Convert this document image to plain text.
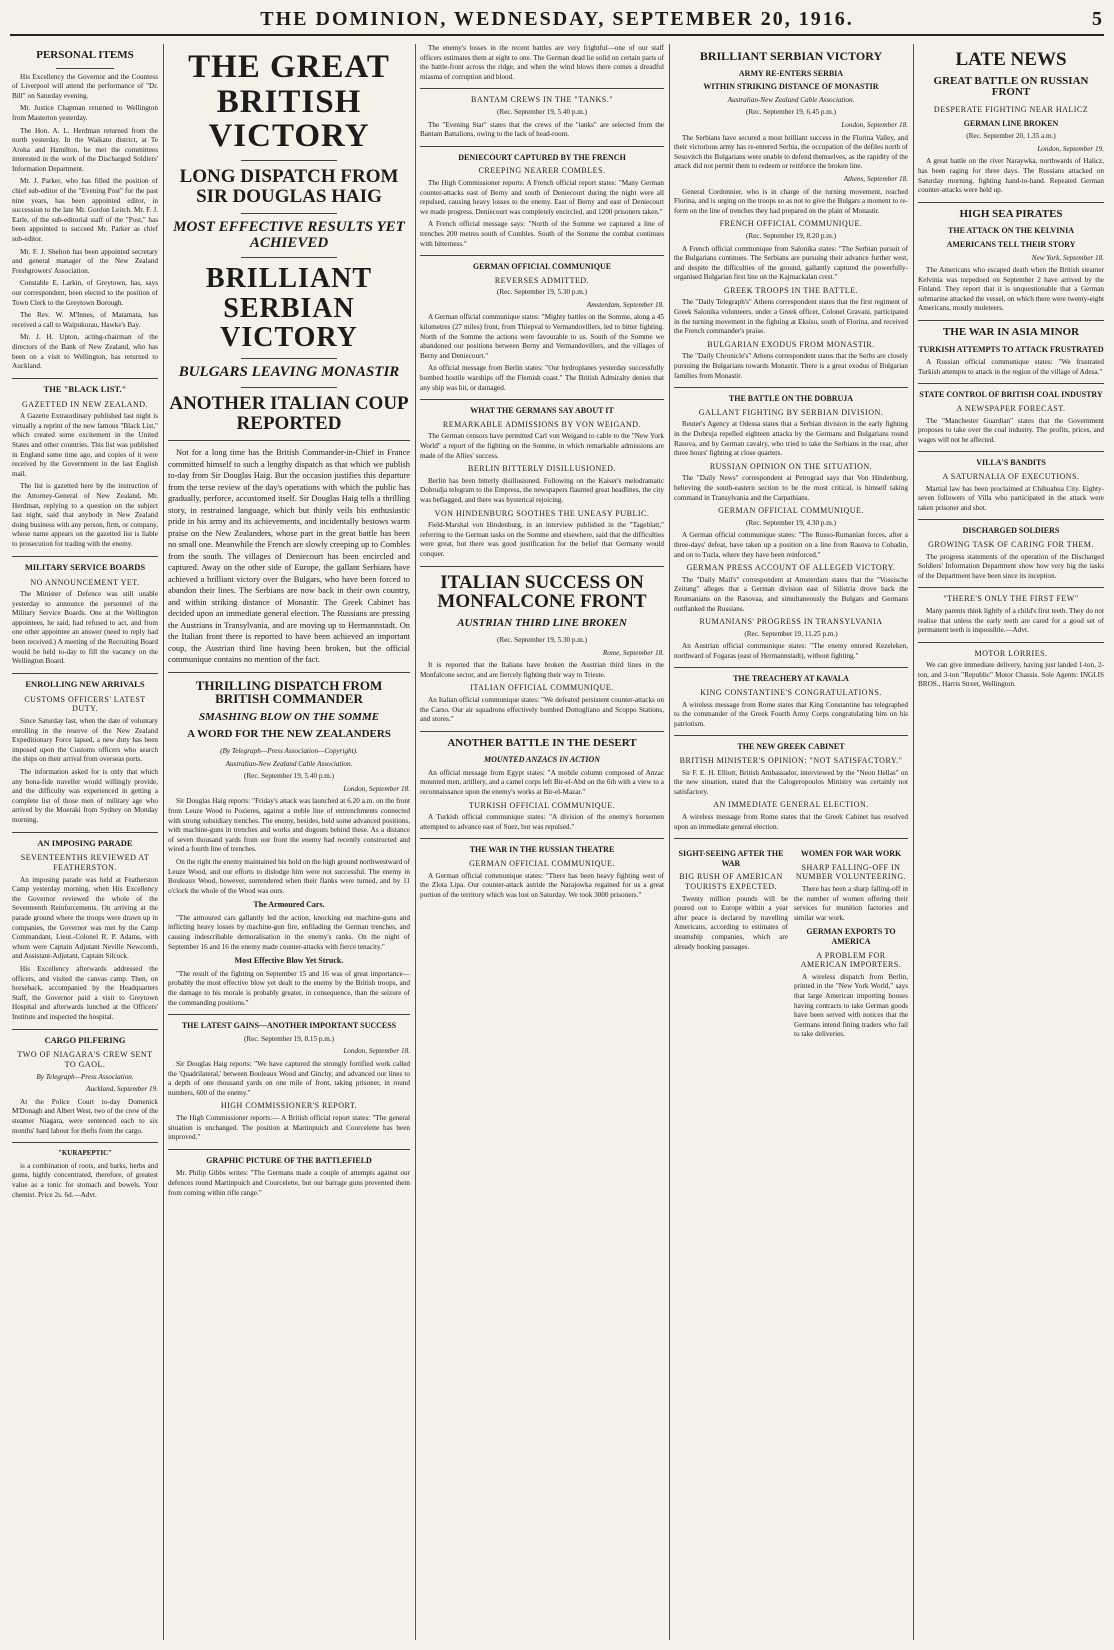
THE DOMINION, WEDNESDAY, SEPTEMBER 20, 1916.	5
PERSONAL ITEMS

His Excellency the Governor and the Countess of Liverpool will attend the performance of "Dr. Bill" on Saturday evening.

Mr. Justice Chapman returned to Wellington from Masterton yesterday.

The Hon. A. L. Herdman returned from the north yesterday. In the Waikato district, at Te Aroha and Hamilton, he met the committees interested in the work of the Discharged Soldiers' Information Department.

Mr. J. Parker, who has filled the position of chief sub-editor of the "Evening Post" for the past nine years, has been appointed editor, in succession to the late Mr. Gordon Leitch. Mr. F. J. Earle, of the sub-editorial staff of the "Post," has been appointed to succeed Mr. Parker as chief sub-editor.

Mr. F. J. Shelton has been appointed secretary and general manager of the New Zealand Freshgrowers' Association.

Constable E. Larkin, of Greytown, has, says our correspondent, been elected to the position of Town Clerk to the Greytown Borough.

The Rev. W. M'Innes, of Matamata, has received a call to Waipukurau, Hawke's Bay.

Mr. J. H. Upton, acting-chairman of the directors of the Bank of New Zealand, who has been on a visit to Wellington, has returned to Auckland.

THE "BLACK LIST."
GAZETTED IN NEW ZEALAND.

A Gazette Extraordinary published last night is virtually a reprint of the new famous "Black List," which created some excitement in the United States and other countries. This list was published in England some time ago, and copies of it were received by the Government in the last English mail.

The list is gazetted here by the instruction of the Attorney-General of New Zealand, Mr. Herdman, replying to a question on the subject last night, said that anybody in New Zealand doing business with any person, firm, or company, whose name appears on the gazetted list is liable to prosecution for trading with the enemy.

MILITARY SERVICE BOARDS
NO ANNOUNCEMENT YET.

The Minister of Defence was still unable yesterday to announce the personnel of the Military Service Boards. One at the Wellington appointees, he said, had refused to act, and from one other appointee an answer (need to reply had been received.) A meeting of the Recruiting Board would be held to-day to fill the vacancy on the Wellington Board.

ENROLLING NEW ARRIVALS
CUSTOMS OFFICERS' LATEST DUTY.

Since Saturday last, when the date of voluntary enrolling in the reserve of the New Zealand Expeditionary Force lapsed, a new duty has been imposed upon the Customs officers who search the ships on their arrival from overseas ports.

The information asked for is only that which any bona-fide traveller would willingly provide, and the difficulty was experienced in getting a complete list of those men of military age who arrived by the Moeraki from Sydney on Monday morning.

AN IMPOSING PARADE
SEVENTEENTHS REVIEWED AT FEATHERSTON.

An imposing parade was held at Featherston Camp yesterday morning, when His Excellency the Governor reviewed the whole of the Seventeenth Reinforcements. On arriving at the parade ground where the troops were drawn up in companies, the Governor was met by the Camp Commandant, Lieut.-Colonel R. P. Adams, with whom were Captain Adjutant Neville Newcomb, and Assistant-Adjutant, Captain Silcock.

His Excellency afterwards addressed the officers, and visited the canvas camp. Then, on horseback, accompanied by the Headquarters Staff, the Governor paid a visit to Greytown Hospital and afterwards lunched at the Officers' Institute and inspected the hospital.

CARGO PILFERING
TWO OF NIAGARA'S CREW SENT TO GAOL.

By Telegraph—Press Association.

Auckland, September 19.

At the Police Court to-day Domenick M'Donagh and Albert West, two of the crew of the steamer Niagara, were sentenced each to six months' hard labour for thefts from the cargo.

"KURAPEPTIC"

is a combination of roots, and barks, herbs and gums, highly concentrated, therefore, of greatest value as a tonic for stomach and bowels. Your chemist. Price 2s. 6d.—Advt.

THE GREAT BRITISH VICTORY
LONG DISPATCH FROM SIR DOUGLAS HAIG
MOST EFFECTIVE RESULTS YET ACHIEVED
BRILLIANT SERBIAN VICTORY
BULGARS LEAVING MONASTIR
ANOTHER ITALIAN COUP REPORTED

Not for a long time has the British Commander-in-Chief in France committed himself to such a lengthy dispatch as that which we publish to-day from Sir Douglas Haig. But the occasion justifies this departure from the terse review of the day's operations with which the public has gradually, perforce, accustomed itself. Sir Douglas Haig tells a thrilling story, in restrained language, which but thinly veils his enthusiastic pride in his army and its achievements, and incidentally bestows warm praise on the New Zealanders, whose part in the great battle has been no small one. Meanwhile the French are slowly creeping up to Combles from the south. The villages of Deniecourt has been encircled and captured. Away on the other side of Europe, the gallant Serbians have achieved a brilliant victory over the Bulgars, who have been forced to abandon their lines. The Serbians are now back in their own country, and within striking distance of Monastir. The Greek Cabinet has decided upon an immediate general election. The Russians are pressing the Austrians in Transylvania, and are moving up to Hermannstadt. On the Italian front there is reported to have been achieved an important coup, the Austrian third line having been broken, but the official communique contains no mention of the fact.

THRILLING DISPATCH FROM BRITISH COMMANDER
SMASHING BLOW ON THE SOMME
A WORD FOR THE NEW ZEALANDERS

(By Telegraph—Press Association—Copyright).

Australian-New Zealand Cable Association.

(Rec. September 19, 5.40 p.m.)

London, September 18.

Sir Douglas Haig reports: "Friday's attack was launched at 6.20 a.m. on the front from Leuze Wood to Pozieres, against a treble line of entrenchments connected with strong subsidiary trenches. The enemy, besides, held some advanced positions, with machine-guns in trenches and works and dugouts behind these. As a distance of seven thousand yards from our front the enemy had recently constructed and wired a fourth line of trenches.

On the right the enemy maintained his hold on the high ground northwestward of Leuze Wood, and our efforts to dislodge him were not successful. The enemy in Bouleaux Wood, however, surrendered when their flanks were turned, and by 11 o'clock the whole of the Wood was ours.

The Armoured Cars.

"The armoured cars gallantly led the action, knocking out machine-guns and inflicting heavy losses by machine-gun fire, enfilading the German trenches, and causing indescribable demoralisation in the enemy's ranks. On the night of September 16 and 16 the enemy made counter-attacks with fierce tenacity."

Most Effective Blow Yet Struck.

"The result of the fighting on September 15 and 16 was of great importance—probably the most effective blow yet dealt to the enemy by the British troops, and the damage to his morale is probably greater, in consequence, than the seizure of the commanding positions."

THE LATEST GAINS—ANOTHER IMPORTANT SUCCESS

(Rec. September 19, 8.15 p.m.)

London, September 18.

Sir Douglas Haig reports: "We have captured the strongly fortified work called the 'Quadrilateral,' between Bouleaux Wood and Ginchy, and advanced our lines to a depth of one thousand yards on one mile of front, taking prisoner, in round numbers, 600 of the enemy."

HIGH COMMISSIONER'S REPORT.

The High Commissioner reports:— A British official report states: "The general situation is unchanged. The position at Martinpuich and Courcelette has been improved."

GRAPHIC PICTURE OF THE BATTLEFIELD

Mr. Philip Gibbs writes: "The Germans made a couple of attempts against our defences round Martinpuich and Courcelette, but our barrage guns prevented them from coming within rifle range."

The enemy's losses in the recent battles are very frightful—one of our staff officers estimates them at eight to one. The German dead lie solid on certain parts of the battle-front across the ridge, and when the wind blows there comes a dreadful miasma of corruption and blood.

BANTAM CREWS IN THE "TANKS."

(Rec. September 19, 5.40 p.m.)

The "Evening Star" states that the crews of the "tanks" are selected from the Bantam Battalions, owing to the lack of head-room.

DENIECOURT CAPTURED BY THE FRENCH
CREEPING NEARER COMBLES.

The High Commissioner reports: A French official report states: "Many German counter-attacks east of Berny and south of Deniecourt during the night were all repulsed, causing heavy losses to the enemy. East of Berny and east of Deniecourt we made progress. Deniecourt was completely encircled, and 1200 prisoners taken."

A French official message says: "North of the Somme we captured a line of trenches 200 metres south of Combles. South of the Somme the combat continues with bitterness."

GERMAN OFFICIAL COMMUNIQUE
REVERSES ADMITTED.

(Rec. September 19, 5.30 p.m.)

Amsterdam, September 18.

A German official communique states: "Mighty battles on the Somme, along a 45 kilometres (27 miles) front, from Thiepval to Vermandovillers, led to bitter fighting. North of the Somme the actions were favourable to us. South of the Somme we abandoned our positions between Berny and Vermandovillers, and the villages of Berny and Deniecourt."

An official message from Berlin states: "Our hydroplanes yesterday successfully bombed hostile warships off the Flemish coast." The British Admiralty denies that any ship was hit, or damaged.

WHAT THE GERMANS SAY ABOUT IT
REMARKABLE ADMISSIONS BY VON WEIGAND.

The German censors have permitted Carl von Weigand to cable to the "New York World" a report of the fighting on the Somme, in which remarkable admissions are made of the Allies' success.

BERLIN BITTERLY DISILLUSIONED.

Berlin has been bitterly disillusioned. Following on the Kaiser's melodramatic Dobrudja telegram to the Empress, the newspapers flaunted great headlines, the city was beflagged, and there was hysterical rejoicing.

VON HINDENBURG SOOTHES THE UNEASY PUBLIC.

Field-Marshal von Hindenburg, in an interview published in the "Tageblatt," referring to the German tasks on the Somme and elsewhere, said that the difficulties were great, but there was good justification for the belief that Germany would conquer.

ITALIAN SUCCESS ON MONFALCONE FRONT
AUSTRIAN THIRD LINE BROKEN

(Rec. September 19, 5.30 p.m.)

Rome, September 18.

It is reported that the Italians have broken the Austrian third lines in the Monfalcone sector, and are fiercely fighting their way to Trieste.

ITALIAN OFFICIAL COMMUNIQUE.

An Italian official communique states: "We defeated persistent counter-attacks on the Carso. Our air squadrons effectively bombed Dottogliano and Scoppo Stations, and stores."

ANOTHER BATTLE IN THE DESERT
MOUNTED ANZACS IN ACTION

An official message from Egypt states: "A mobile column composed of Anzac mounted men, artillery, and a camel corps left Bir-el-Abd on the 6th with a view to a reconnaissance upon the enemy's works at Bir-el-Mazar."

TURKISH OFFICIAL COMMUNIQUE.

A Turkish official communique states: "A division of the enemy's horsemen attempted to advance east of Suez, but was repulsed."

THE WAR IN THE RUSSIAN THEATRE
GERMAN OFFICIAL COMMUNIQUE.

A German official communique states: "There has been heavy fighting west of the Zlota Lipa. Our counter-attack astride the Narajowka regained for us a great portion of the territory which was lost on Saturday. We took 3000 prisoners."

BRILLIANT SERBIAN VICTORY
ARMY RE-ENTERS SERBIA
WITHIN STRIKING DISTANCE OF MONASTIR

Australian-New Zealand Cable Association.

(Rec. September 19, 6.45 p.m.)

London, September 18.

The Serbians have secured a most brilliant success in the Florina Valley, and their victorious army has re-entered Serbia, the occupation of the defiles north of Sesovitch the Bulgarians were unable to defend themselves, as the rapidity of the attack did not permit them to redeem or reinforce the broken line.

Athens, September 18.

General Cordonnier, who is in charge of the turning movement, reached Florina, and is urging on the troops so as not to give the Bulgars a moment to re-form on the line of trenches they had prepared on the plain of Monastir.

FRENCH OFFICIAL COMMUNIQUE.

(Rec. September 19, 8.20 p.m.)

A French official communique from Salonika states: "The Serbian pursuit of the Bulgarians continues. The Serbians are pursuing their advance further west, and despite the difficulties of the ground, gallantly captured the powerfully-organised Bulgarian first line on the Kajmackalan crest."

GREEK TROOPS IN THE BATTLE.

The "Daily Telegraph's" Athens correspondent states that the first regiment of Greek Salonika volunteers, under a Greek officer, Colonel Gravani, participated in the turning movement in the fighting at Eksisu, south of Florina, and received the French commander's praise.

BULGARIAN EXODUS FROM MONASTIR.

The "Daily Chronicle's" Athens correspondent states that the Serbs are closely pursuing the Bulgarians towards Monastir. There is a great exodus of Bulgarian families from Monastir.

THE BATTLE ON THE DOBRUJA
GALLANT FIGHTING BY SERBIAN DIVISION.

Reuter's Agency at Odessa states that a Serbian division in the early fighting in the Dobruja repelled eighteen attacks by the Germans and Bulgarians round Rasova, and by German cavalry, who tried to take the Serbians in the rear, after three hours' fighting at close quarters.

RUSSIAN OPINION ON THE SITUATION.

The "Daily News" correspondent at Petrograd says that Von Hindenburg, believing the south-eastern section to be the most critical, is himself taking command in Transylvania and the Carpathians.

GERMAN OFFICIAL COMMUNIQUE.

(Rec. September 19, 4.30 p.m.)

A German official communique states: "The Russo-Rumanian forces, after a three-days' defeat, have taken up a position on a line from Rasova to Cobadin, and on to Tuzla, where they have been reinforced."

GERMAN PRESS ACCOUNT OF ALLEGED VICTORY.

The "Daily Mail's" correspondent at Amsterdam states that the "Vossische Zeitung" alleges that a German division east of Silistria drove back the Roumanians on the Rasovaa, and simultaneously the Bulgars and Germans outflanked the Russians.

RUMANIANS' PROGRESS IN TRANSYLVANIA

(Rec. September 19, 11.25 p.m.)

An Austrian official communique states: "The enemy entered Kezeleken, northward of Fogaras (east of Hermannstadt), without fighting."

THE TREACHERY AT KAVALA
KING CONSTANTINE'S CONGRATULATIONS.

A wireless message from Rome states that King Constantine has telegraphed to the commander of the Greek Fourth Army Corps congratulating him on his patriotism.

THE NEW GREEK CABINET
BRITISH MINISTER'S OPINION: "NOT SATISFACTORY."

Sir F. E. H. Elliott, British Ambassador, interviewed by the "Neon Hellas" on the new situation, stated that the Calogeropoulos Ministry was certainly not satisfactory.

AN IMMEDIATE GENERAL ELECTION.

A wireless message from Rome states that the Greek Cabinet has resolved upon an immediate general election.

SIGHT-SEEING AFTER THE WAR
BIG RUSH OF AMERICAN TOURISTS EXPECTED.

Twenty million pounds will be poured out to Europe within a year after peace is declared by travelling Americans, according to estimates of steamship companies, which are already booking passages.

WOMEN FOR WAR WORK
SHARP FALLING-OFF IN NUMBER VOLUNTEERING.

There has been a sharp falling-off in the number of women offering their services for munition factories and similar war work.

GERMAN EXPORTS TO AMERICA
A PROBLEM FOR AMERICAN IMPORTERS.

A wireless dispatch from Berlin, printed in the "New York World," says that large American importing houses having contracts to take German goods have been served with notices that the Germans intend fining traders who fail to take deliveries.

LATE NEWS
GREAT BATTLE ON RUSSIAN FRONT
DESPERATE FIGHTING NEAR HALICZ
GERMAN LINE BROKEN

(Rec. September 20, 1.35 a.m.)

London, September 19.

A great battle on the river Naraywka, northwards of Halicz, has been raging for three days. The Russians attacked on Saturday morning, fighting hand-to-hand. Repeated German counter-attacks were held up.

HIGH SEA PIRATES
THE ATTACK ON THE KELVINIA
AMERICANS TELL THEIR STORY

New York, September 18.

The Americans who escaped death when the British steamer Kelvinia was torpedoed on September 2 have arrived by the Finland. They report that it is unquestionable that a German submarine attacked the vessel, on which there were twenty-eight Americans, mostly muleteers.

THE WAR IN ASIA MINOR
TURKISH ATTEMPTS TO ATTACK FRUSTRATED

A Russian official communique states: "We frustrated Turkish attempts to attack in the region of the village of Adesa."

STATE CONTROL OF BRITISH COAL INDUSTRY
A NEWSPAPER FORECAST.

The "Manchester Guardian" states that the Government proposes to take over the coal industry. The profits, prices, and wages will not be affected.

VILLA'S BANDITS
A SATURNALIA OF EXECUTIONS.

Martial law has been proclaimed at Chihuahua City. Eighty-seven followers of Villa who participated in the attack were taken prisoner and shot.

DISCHARGED SOLDIERS
GROWING TASK OF CARING FOR THEM.

The progress statements of the operation of the Discharged Soldiers' Information Department show how very big the tasks of the Department have been since its inception.

"THERE'S ONLY THE FIRST FEW"

Many parents think lightly of a child's first teeth. They do not realise that unless the early teeth are cared for a good set of permanent teeth is impossible.—Advt.

MOTOR LORRIES.

We can give immediate delivery, having just landed 1-ton, 2-ton, and 3-ton "Republic" Motor Chassis. Sole Agents: INGLIS BROS., Harris Street, Wellington.
